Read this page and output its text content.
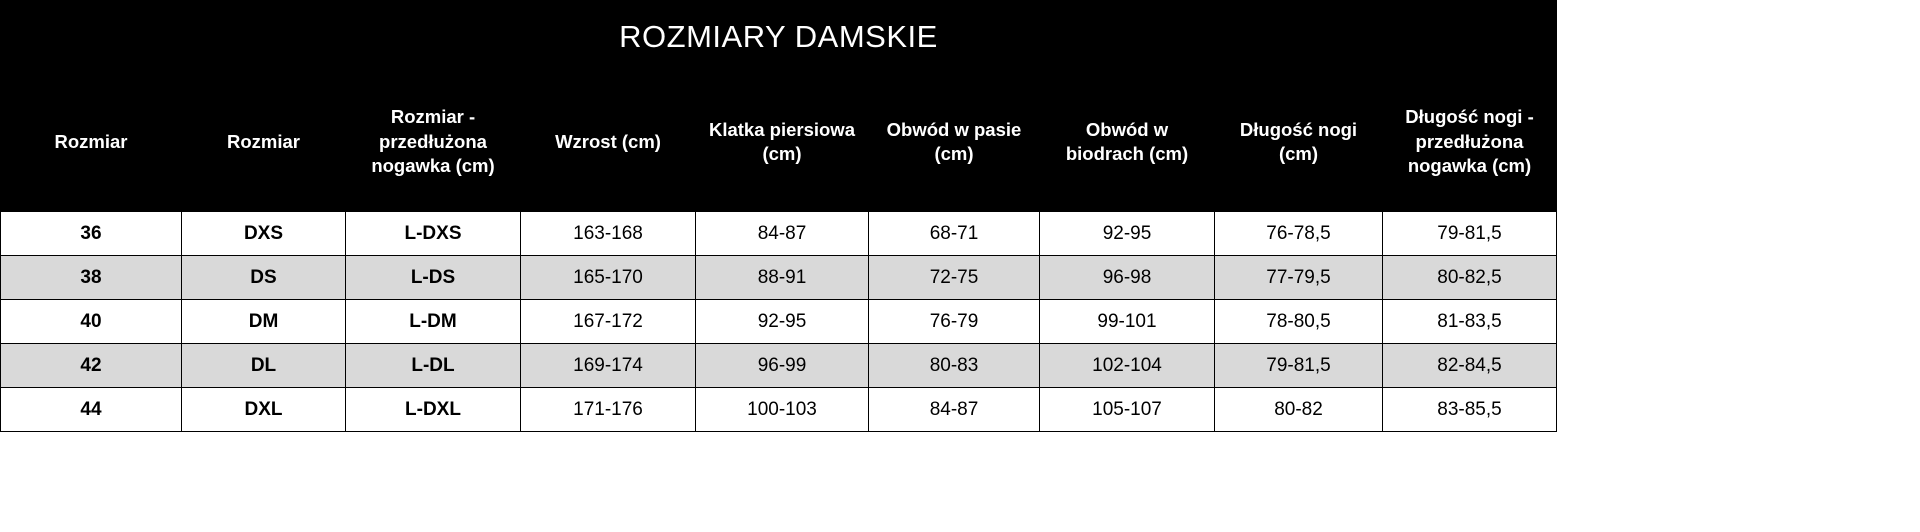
ROZMIARY DAMSKIE								
Rozmiar	Rozmiar	Rozmiar - przedłużona nogawka (cm)	Wzrost (cm)	Klatka piersiowa (cm)	Obwód w pasie (cm)	Obwód w biodrach (cm)	Długość nogi (cm)	Długość nogi - przedłużona nogawka (cm)
36	DXS	L-DXS	163-168	84-87	68-71	92-95	76-78,5	79-81,5
38	DS	L-DS	165-170	88-91	72-75	96-98	77-79,5	80-82,5
40	DM	L-DM	167-172	92-95	76-79	99-101	78-80,5	81-83,5
42	DL	L-DL	169-174	96-99	80-83	102-104	79-81,5	82-84,5
44	DXL	L-DXL	171-176	100-103	84-87	105-107	80-82	83-85,5
